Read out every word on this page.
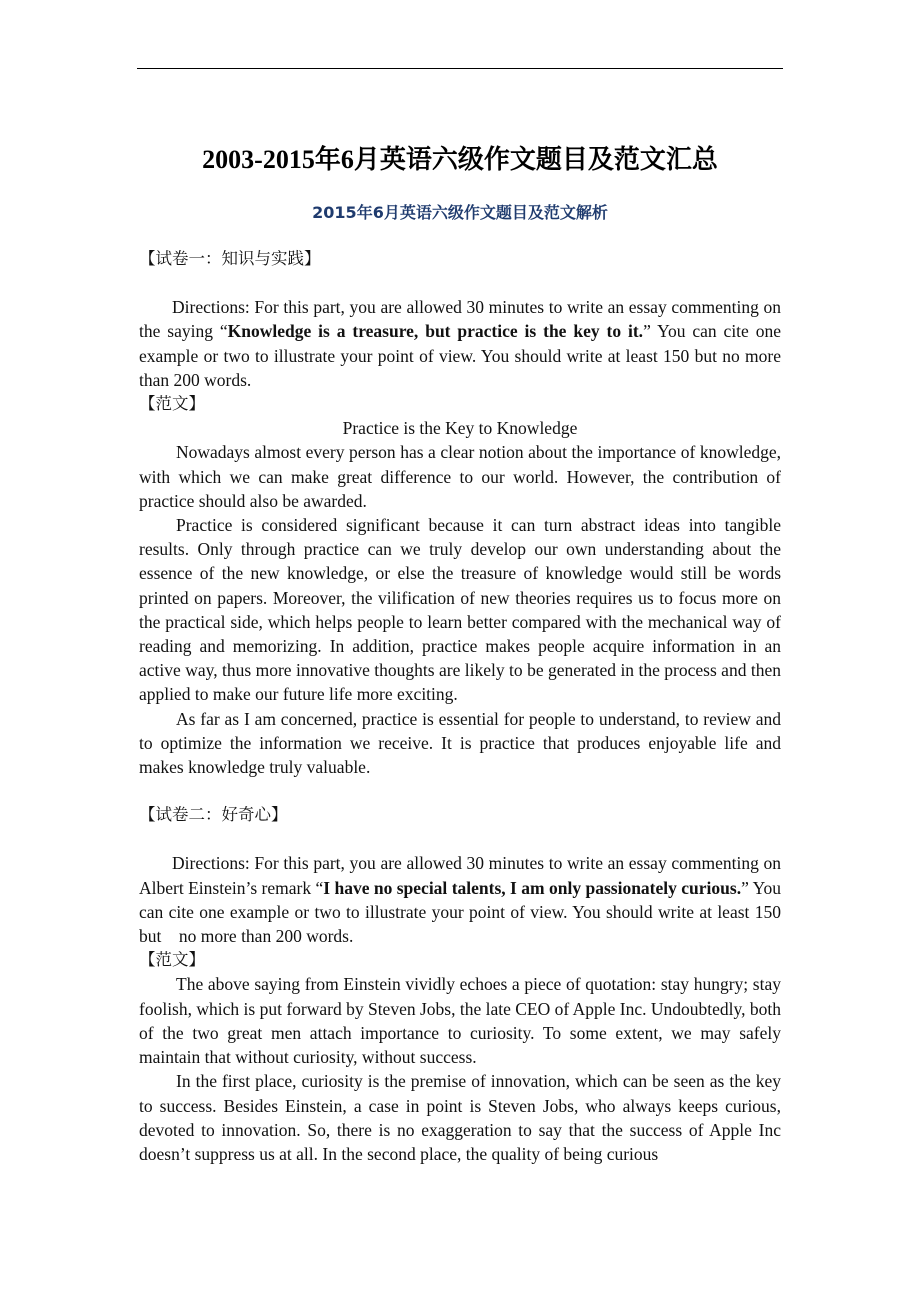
2003-2015年6月英语六级作文题目及范文汇总
2015年6月英语六级作文题目及范文解析
【试卷一：知识与实践】

Directions: For this part, you are allowed 30 minutes to write an essay commenting on the saying “Knowledge is a treasure, but practice is the key to it.” You can cite one example or two to illustrate your point of view. You should write at least 150 but no more than 200 words.

【范文】

Practice is the Key to Knowledge

Nowadays almost every person has a clear notion about the importance of knowledge, with which we can make great difference to our world. However, the contribution of practice should also be awarded.

Practice is considered significant because it can turn abstract ideas into tangible results. Only through practice can we truly develop our own understanding about the essence of the new knowledge, or else the treasure of knowledge would still be words printed on papers. Moreover, the vilification of new theories requires us to focus more on the practical side, which helps people to learn better compared with the mechanical way of reading and memorizing. In addition, practice makes people acquire information in an active way, thus more innovative thoughts are likely to be generated in the process and then applied to make our future life more exciting.

As far as I am concerned, practice is essential for people to understand, to review and to optimize the information we receive. It is practice that produces enjoyable life and makes knowledge truly valuable.

【试卷二：好奇心】

Directions: For this part, you are allowed 30 minutes to write an essay commenting on Albert Einstein’s remark “I have no special talents, I am only passionately curious.” You can cite one example or two to illustrate your point of view. You should write at least 150 but    no more than 200 words.

【范文】

The above saying from Einstein vividly echoes a piece of quotation: stay hungry; stay foolish, which is put forward by Steven Jobs, the late CEO of Apple Inc. Undoubtedly, both of the two great men attach importance to curiosity. To some extent, we may safely maintain that without curiosity, without success.

In the first place, curiosity is the premise of innovation, which can be seen as the key to success. Besides Einstein, a case in point is Steven Jobs, who always keeps curious, devoted to innovation. So, there is no exaggeration to say that the success of Apple Inc doesn’t suppress us at all. In the second place, the quality of being curious
